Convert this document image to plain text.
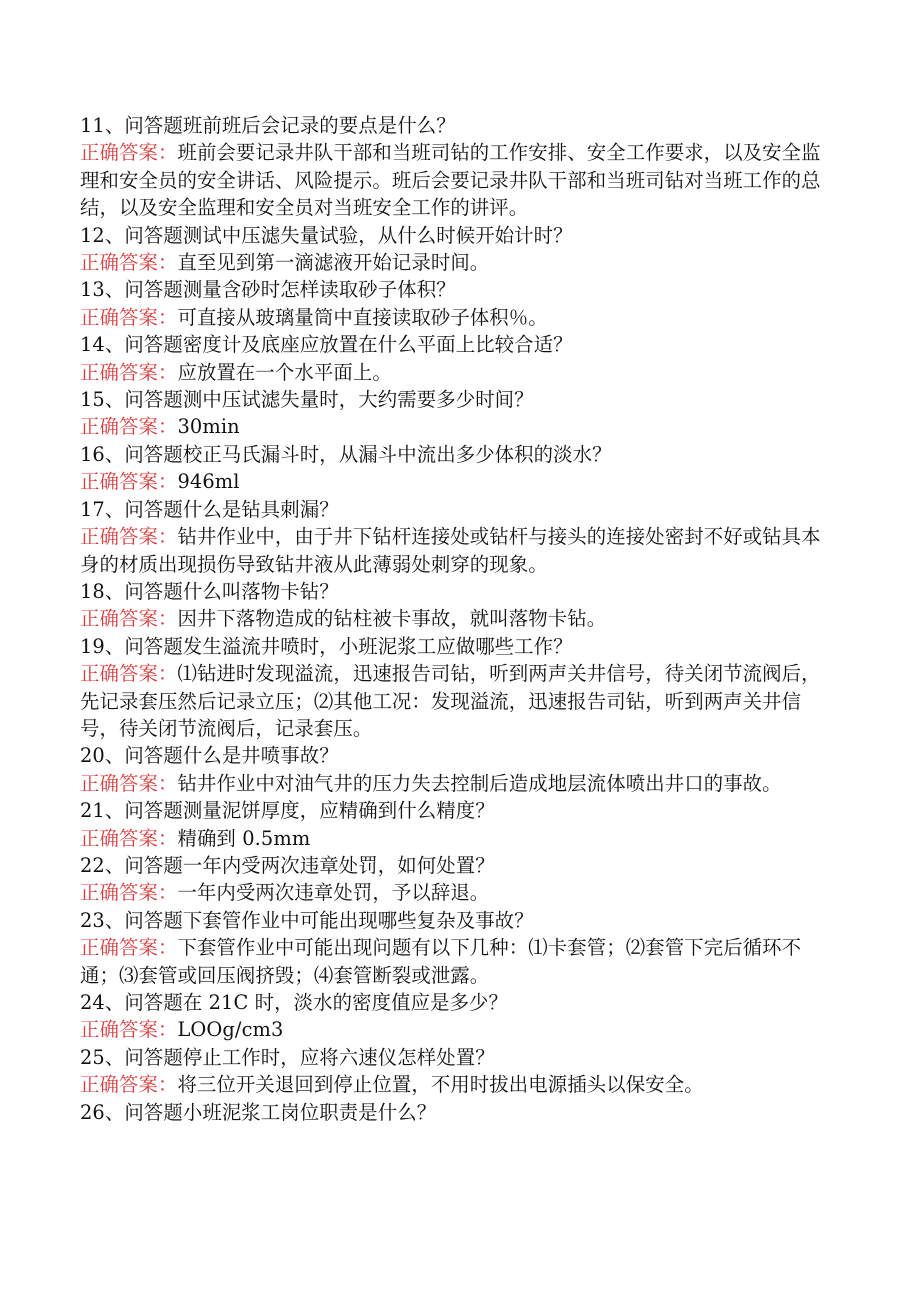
11、问答题班前班后会记录的要点是什么？

正确答案：班前会要记录井队干部和当班司钻的工作安排、安全工作要求，以及安全监理和安全员的安全讲话、风险提示。班后会要记录井队干部和当班司钻对当班工作的总结，以及安全监理和安全员对当班安全工作的讲评。

12、问答题测试中压滤失量试验，从什么时候开始计时？

正确答案：直至见到第一滴滤液开始记录时间。

13、问答题测量含砂时怎样读取砂子体积？

正确答案：可直接从玻璃量筒中直接读取砂子体积％。

14、问答题密度计及底座应放置在什么平面上比较合适？

正确答案：应放置在一个水平面上。

15、问答题测中压试滤失量时，大约需要多少时间？

正确答案：30min

16、问答题校正马氏漏斗时，从漏斗中流出多少体积的淡水？

正确答案：946ml

17、问答题什么是钻具刺漏？

正确答案：钻井作业中，由于井下钻杆连接处或钻杆与接头的连接处密封不好或钻具本身的材质出现损伤导致钻井液从此薄弱处刺穿的现象。

18、问答题什么叫落物卡钻？

正确答案：因井下落物造成的钻柱被卡事故，就叫落物卡钻。

19、问答题发生溢流井喷时，小班泥浆工应做哪些工作？

正确答案：⑴钻进时发现溢流，迅速报告司钻，听到两声关井信号，待关闭节流阀后，先记录套压然后记录立压；⑵其他工况：发现溢流，迅速报告司钻，听到两声关井信号，待关闭节流阀后，记录套压。

20、问答题什么是井喷事故？

正确答案：钻井作业中对油气井的压力失去控制后造成地层流体喷出井口的事故。

21、问答题测量泥饼厚度，应精确到什么精度？

正确答案：精确到 0.5mm

22、问答题一年内受两次违章处罚，如何处置？

正确答案：一年内受两次违章处罚，予以辞退。

23、问答题下套管作业中可能出现哪些复杂及事故？

正确答案：下套管作业中可能出现问题有以下几种：⑴卡套管；⑵套管下完后循环不通；⑶套管或回压阀挤毁；⑷套管断裂或泄露。

24、问答题在 21C 时，淡水的密度值应是多少？

正确答案：LOOg/cm3

25、问答题停止工作时，应将六速仪怎样处置？

正确答案：将三位开关退回到停止位置，不用时拔出电源插头以保安全。

26、问答题小班泥浆工岗位职责是什么？
